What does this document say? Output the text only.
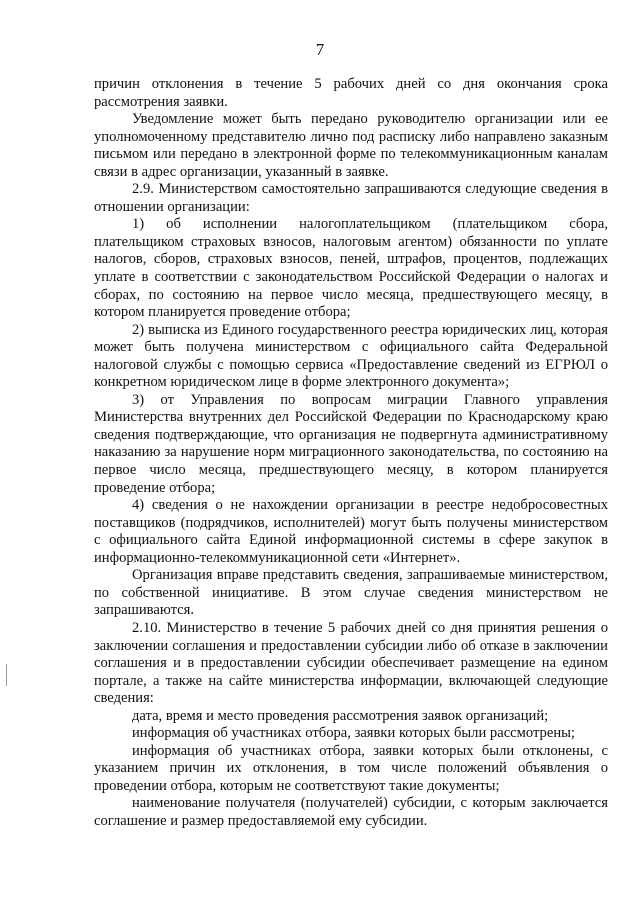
7

причин отклонения в течение 5 рабочих дней со дня окончания срока рассмотрения заявки.

Уведомление может быть передано руководителю организации или ее уполномоченному представителю лично под расписку либо направлено заказным письмом или передано в электронной форме по телекоммуникационным каналам связи в адрес организации, указанный в заявке.

2.9. Министерством самостоятельно запрашиваются следующие сведения в отношении организации:

1) об исполнении налогоплательщиком (плательщиком сбора, плательщиком страховых взносов, налоговым агентом) обязанности по уплате налогов, сборов, страховых взносов, пеней, штрафов, процентов, подлежащих уплате в соответствии с законодательством Российской Федерации о налогах и сборах, по состоянию на первое число месяца, предшествующего месяцу, в котором планируется проведение отбора;

2) выписка из Единого государственного реестра юридических лиц, которая может быть получена министерством с официального сайта Федеральной налоговой службы с помощью сервиса «Предоставление сведений из ЕГРЮЛ о конкретном юридическом лице в форме электронного документа»;

3) от Управления по вопросам миграции Главного управления Министерства внутренних дел Российской Федерации по Краснодарскому краю сведения подтверждающие, что организация не подвергнута административному наказанию за нарушение норм миграционного законодательства, по состоянию на первое число месяца, предшествующего месяцу, в котором планируется проведение отбора;

4) сведения о не нахождении организации в реестре недобросовестных поставщиков (подрядчиков, исполнителей) могут быть получены министерством с официального сайта Единой информационной системы в сфере закупок в информационно-телекоммуникационной сети «Интернет».

Организация вправе представить сведения, запрашиваемые министерством, по собственной инициативе. В этом случае сведения министерством не запрашиваются.

2.10. Министерство в течение 5 рабочих дней со дня принятия решения о заключении соглашения и предоставлении субсидии либо об отказе в заключении соглашения и в предоставлении субсидии обеспечивает размещение на едином портале, а также на сайте министерства информации, включающей следующие сведения:

дата, время и место проведения рассмотрения заявок организаций;

информация об участниках отбора, заявки которых были рассмотрены;

информация об участниках отбора, заявки которых были отклонены, с указанием причин их отклонения, в том числе положений объявления о проведении отбора, которым не соответствуют такие документы;

наименование получателя (получателей) субсидии, с которым заключается соглашение и размер предоставляемой ему субсидии.
